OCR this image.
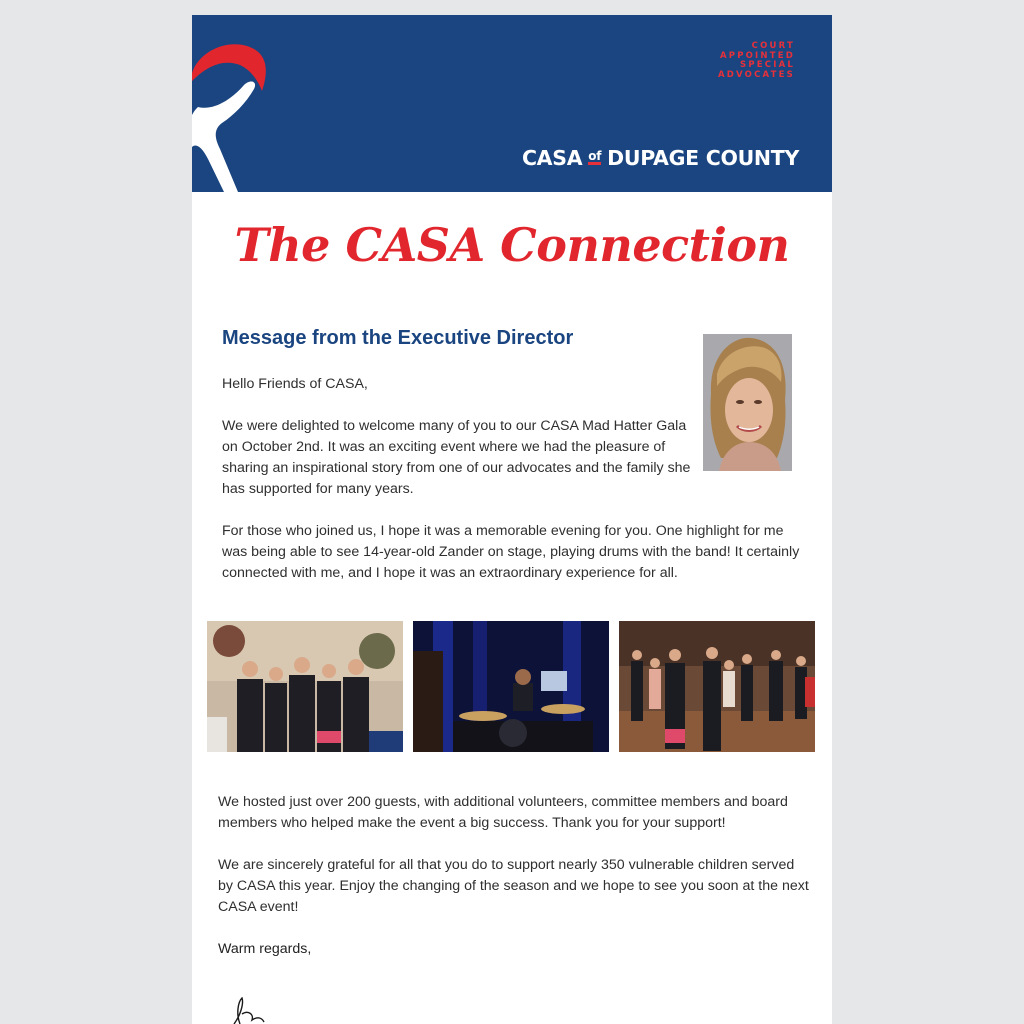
COURT
APPOINTED
SPECIAL
ADVOCATES
CASA of DUPAGE COUNTY
The CASA Connection
Message from the Executive Director

Hello Friends of CASA,

We were delighted to welcome many of you to our CASA Mad Hatter Gala on October 2nd. It was an exciting event where we had the pleasure of sharing an inspirational story from one of our advocates and the family she has supported for many years.

For those who joined us, I hope it was a memorable evening for you. One highlight for me was being able to see 14-year-old Zander on stage, playing drums with the band! It certainly connected with me, and I hope it was an extraordinary experience for all.

We hosted just over 200 guests, with additional volunteers, committee members and board members who helped make the event a big success. Thank you for your support!

We are sincerely grateful for all that you do to support nearly 350 vulnerable children served by CASA this year. Enjoy the changing of the season and we hope to see you soon at the next CASA event!

Warm regards,
